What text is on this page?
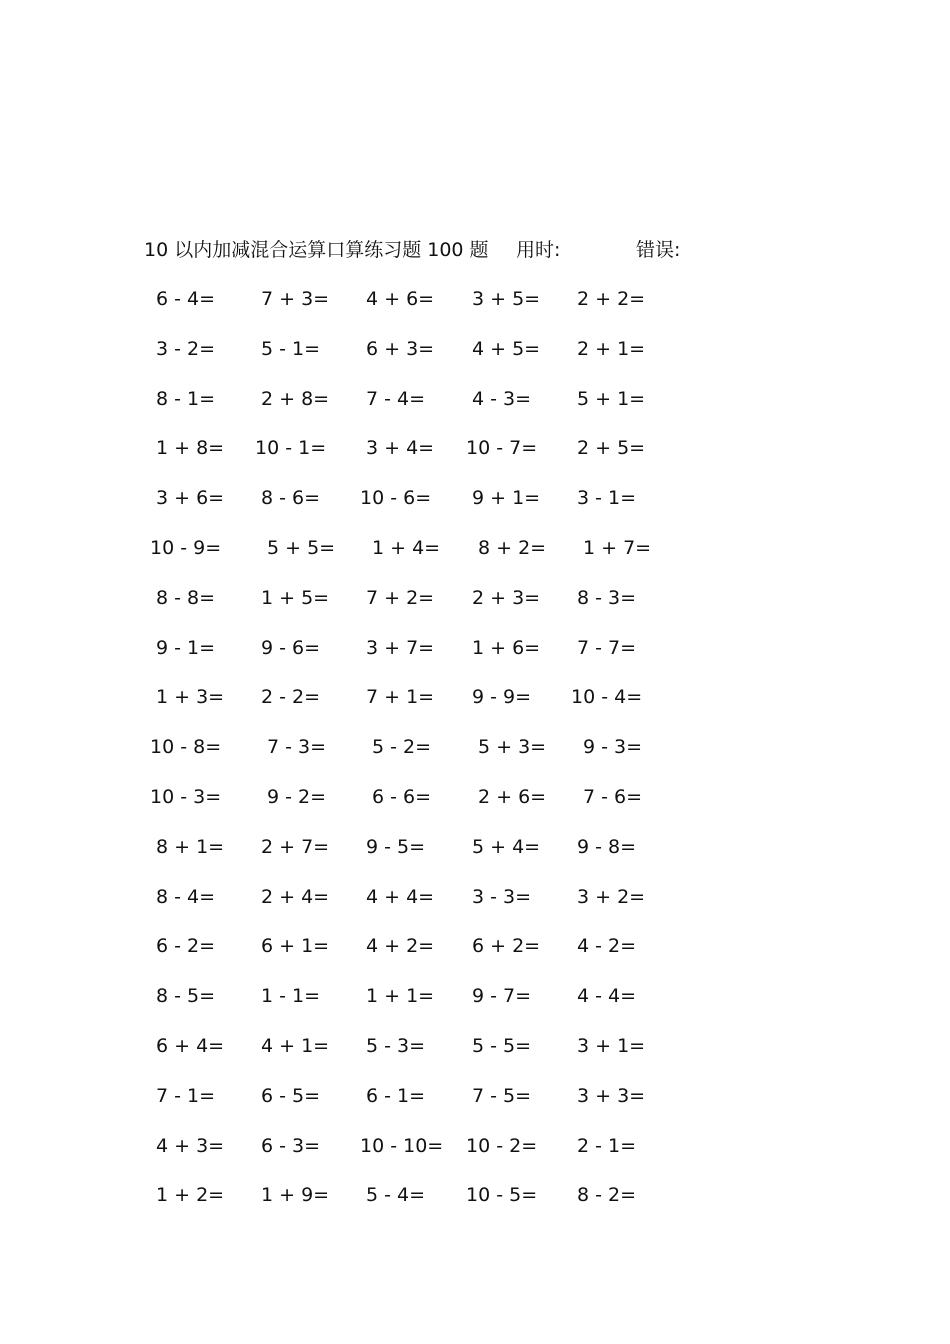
10 以内加减混合运算口算练习题 100 题 用时:	错误:
6 - 4= 7 + 3= 4 + 6= 3 + 5= 2 + 2=
3 - 2= 5 - 1= 6 + 3= 4 + 5= 2 + 1=
8 - 1= 2 + 8= 7 - 4= 4 - 3= 5 + 1=
1 + 8= 10 - 1= 3 + 4= 10 - 7= 2 + 5=
3 + 6= 8 - 6= 10 - 6= 9 + 1= 3 - 1=
10 - 9= 5 + 5= 1 + 4= 8 + 2= 1 + 7=
8 - 8= 1 + 5= 7 + 2= 2 + 3= 8 - 3=
9 - 1= 9 - 6= 3 + 7= 1 + 6= 7 - 7=
1 + 3= 2 - 2= 7 + 1= 9 - 9= 10 - 4=
10 - 8= 7 - 3= 5 - 2= 5 + 3= 9 - 3=
10 - 3= 9 - 2= 6 - 6= 2 + 6= 7 - 6=
8 + 1= 2 + 7= 9 - 5= 5 + 4= 9 - 8=
8 - 4= 2 + 4= 4 + 4= 3 - 3= 3 + 2=
6 - 2= 6 + 1= 4 + 2= 6 + 2= 4 - 2=
8 - 5= 1 - 1= 1 + 1= 9 - 7= 4 - 4=
6 + 4= 4 + 1= 5 - 3= 5 - 5= 3 + 1=
7 - 1= 6 - 5= 6 - 1= 7 - 5= 3 + 3=
4 + 3= 6 - 3= 10 - 10= 10 - 2= 2 - 1=
1 + 2= 1 + 9= 5 - 4= 10 - 5= 8 - 2=
